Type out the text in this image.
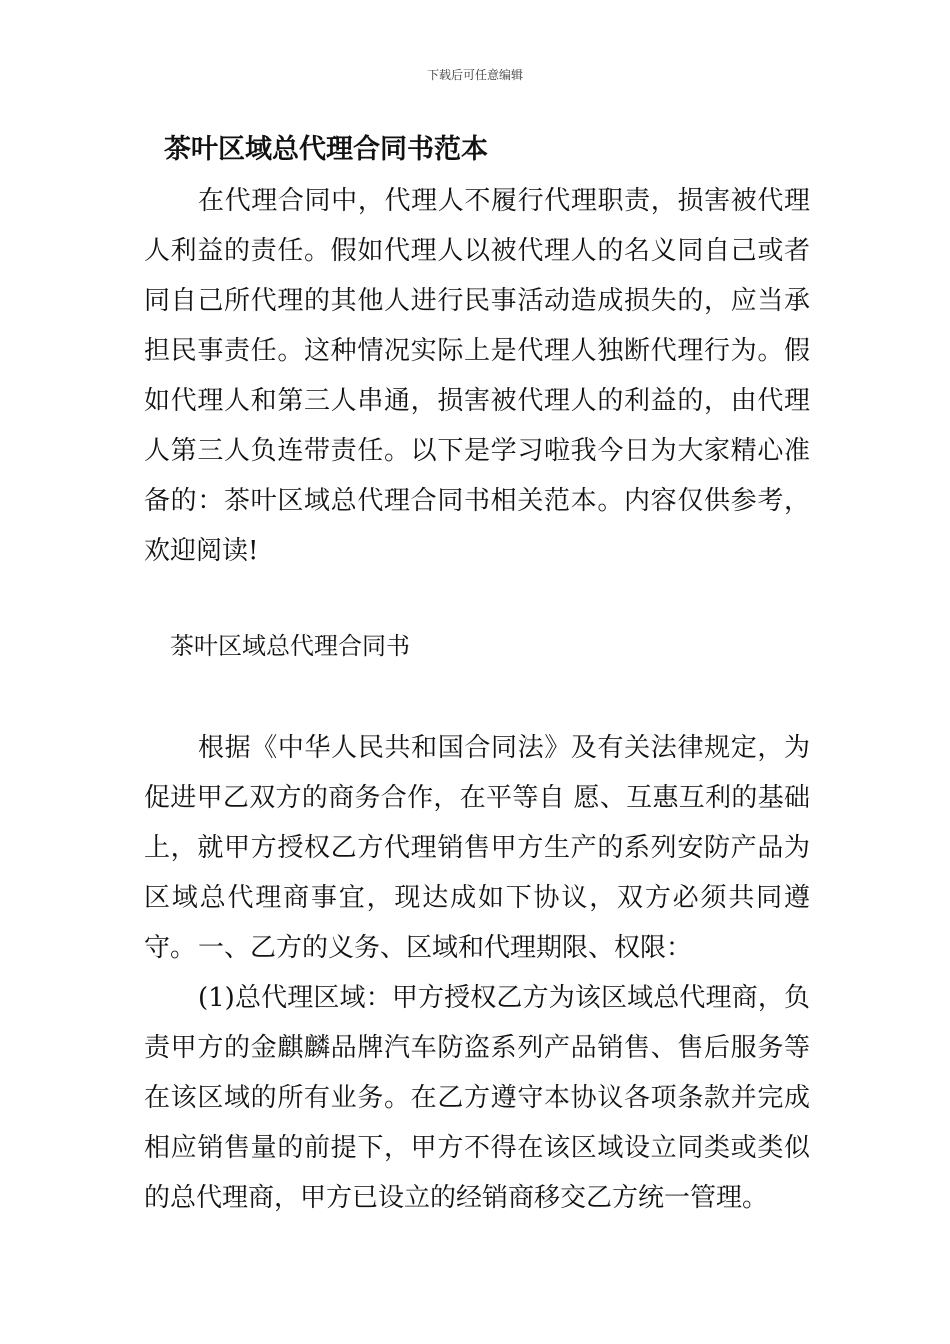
下载后可任意编辑
茶叶区域总代理合同书范本

在代理合同中，代理人不履行代理职责，损害被代理人利益的责任。假如代理人以被代理人的名义同自己或者同自己所代理的其他人进行民事活动造成损失的，应当承担民事责任。这种情况实际上是代理人独断代理行为。假如代理人和第三人串通，损害被代理人的利益的，由代理人第三人负连带责任。以下是学习啦我今日为大家精心准备的：茶叶区域总代理合同书相关范本。内容仅供参考，欢迎阅读!

茶叶区域总代理合同书

根据《中华人民共和国合同法》及有关法律规定，为促进甲乙双方的商务合作，在平等自 愿、互惠互利的基础上，就甲方授权乙方代理销售甲方生产的系列安防产品为区域总代理商事宜，现达成如下协议，双方必须共同遵守。 一、乙方的义务、区域和代理期限、权限：

(1)总代理区域：甲方授权乙方为该区域总代理商，负责甲方的金麒麟品牌汽车防盗系列产品销售、售后服务等在该区域的所有业务。在乙方遵守本协议各项条款并完成相应销售量的前提下，甲方不得在该区域设立同类或类似的总代理商，甲方已设立的经销商移交乙方统一管理。
